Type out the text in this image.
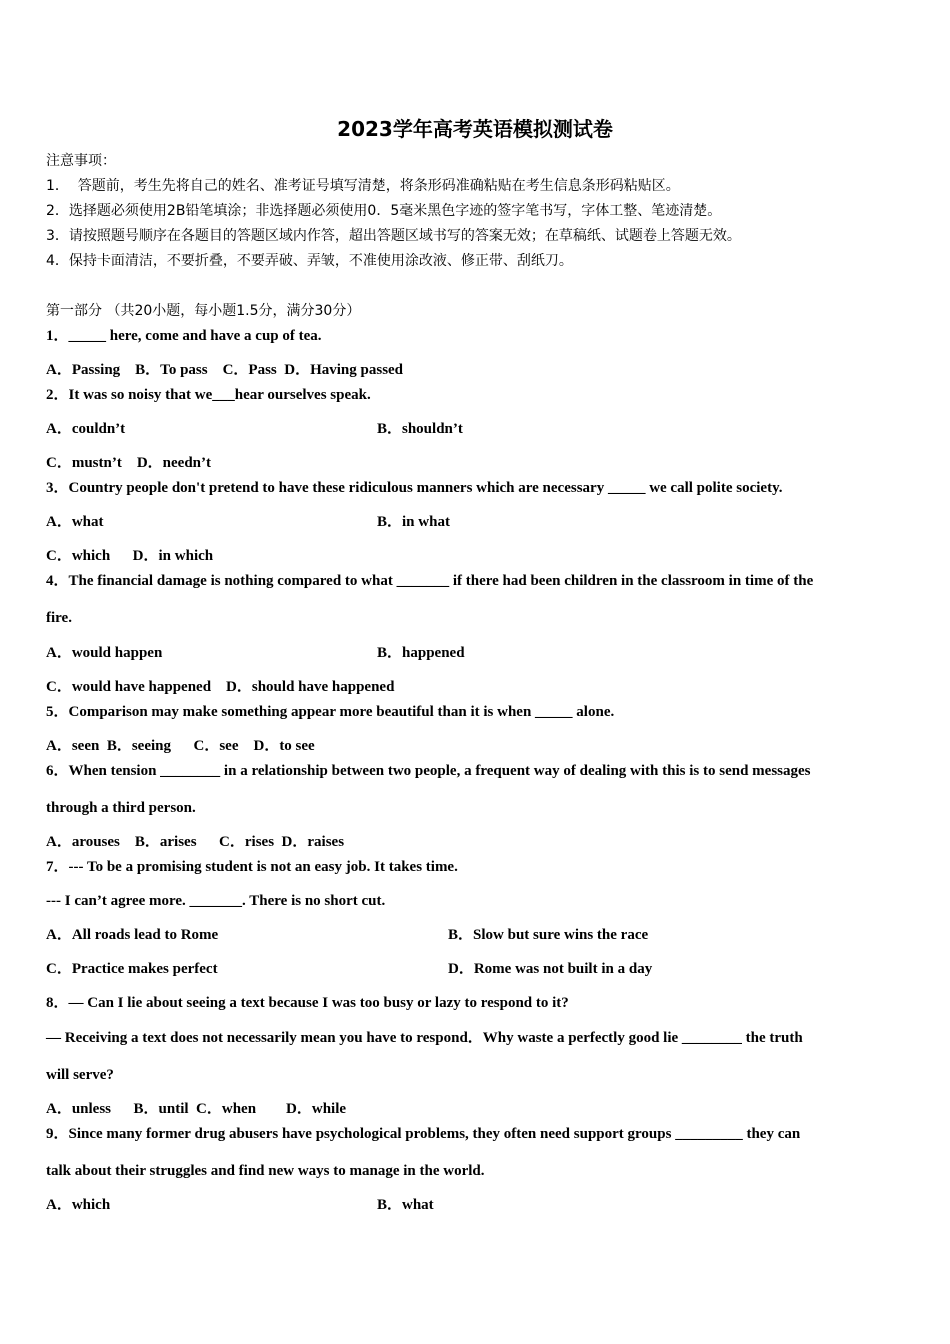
2023学年高考英语模拟测试卷
注意事项：
1．  答题前，考生先将自己的姓名、准考证号填写清楚，将条形码准确粘贴在考生信息条形码粘贴区。
2．选择题必须使用2B铅笔填涂；非选择题必须使用0．5毫米黑色字迹的签字笔书写，字体工整、笔迹清楚。
3．请按照题号顺序在各题目的答题区域内作答，超出答题区域书写的答案无效；在草稿纸、试题卷上答题无效。
4．保持卡面清洁，不要折叠，不要弄破、弄皱，不准使用涂改液、修正带、刮纸刀。
第一部分 （共20小题，每小题1.5分，满分30分）
1．_____ here, come and have a cup of tea.
A．Passing    B．To pass    C．Pass  D．Having passed
2．It was so noisy that we___hear ourselves speak.
A．couldn’t	B．shouldn’t
C．mustn’t    D．needn’t
3．Country people don't pretend to have these ridiculous manners which are necessary _____ we call polite society.
A．what	B．in what
C．which      D．in which
4．The financial damage is nothing compared to what _______ if there had been children in the classroom in time of the
fire.
A．would happen	B．happened
C．would have happened    D．should have happened
5．Comparison may make something appear more beautiful than it is when _____ alone.
A．seen  B．seeing      C．see    D．to see
6．When tension ________ in a relationship between two people, a frequent way of dealing with this is to send messages
through a third person.
A．arouses    B．arises      C．rises  D．raises
7．--- To be a promising student is not an easy job. It takes time.
--- I can’t agree more. _______. There is no short cut.
A．All roads lead to Rome	B．Slow but sure wins the race
C．Practice makes perfect	D．Rome was not built in a day
8．— Can I lie about seeing a text because I was too busy or lazy to respond to it?
— Receiving a text does not necessarily mean you have to respond．Why waste a perfectly good lie ________ the truth
will serve?
A．unless      B．until  C．when        D．while
9．Since many former drug abusers have psychological problems, they often need support groups _________ they can
talk about their struggles and find new ways to manage in the world.
A．which	B．what
